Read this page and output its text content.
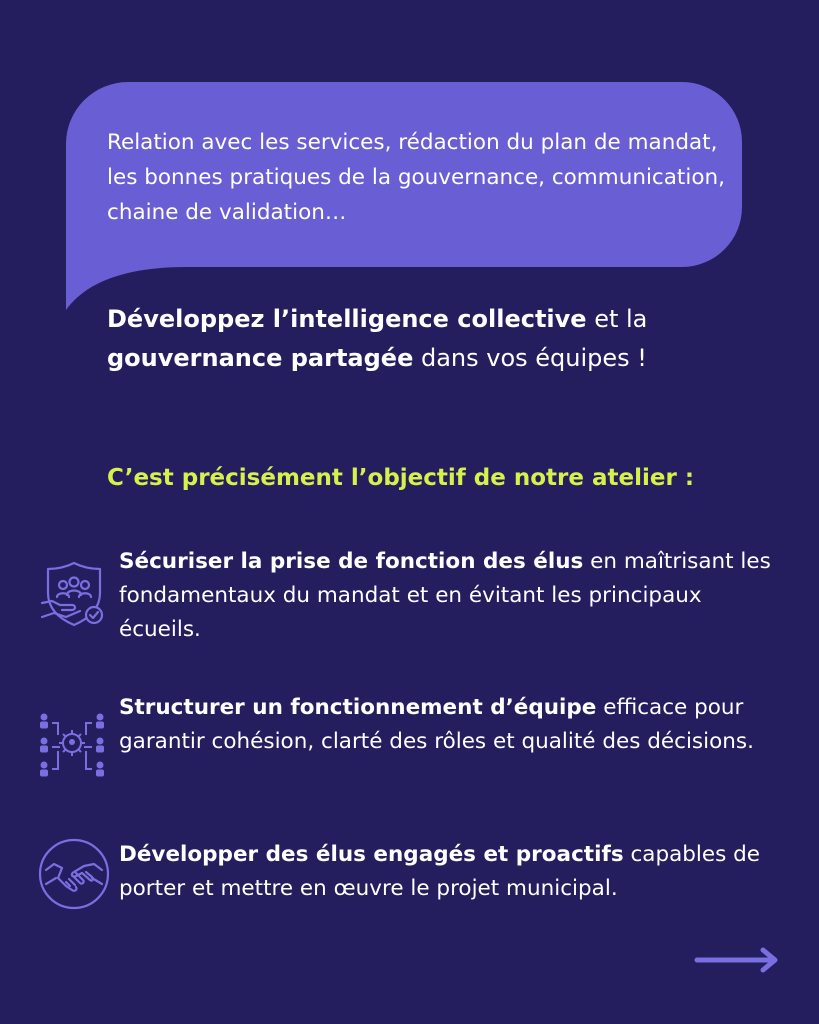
Relation avec les services, rédaction du plan de mandat, les bonnes pratiques de la gouvernance, communication, chaine de validation…
Développez l’intelligence collective et la gouvernance partagée dans vos équipes !
C’est précisément l’objectif de notre atelier :
Sécuriser la prise de fonction des élus en maîtrisant les fondamentaux du mandat et en évitant les principaux écueils.
Structurer un fonctionnement d’équipe efficace pour garantir cohésion, clarté des rôles et qualité des décisions.
Développer des élus engagés et proactifs capables de porter et mettre en œuvre le projet municipal.
